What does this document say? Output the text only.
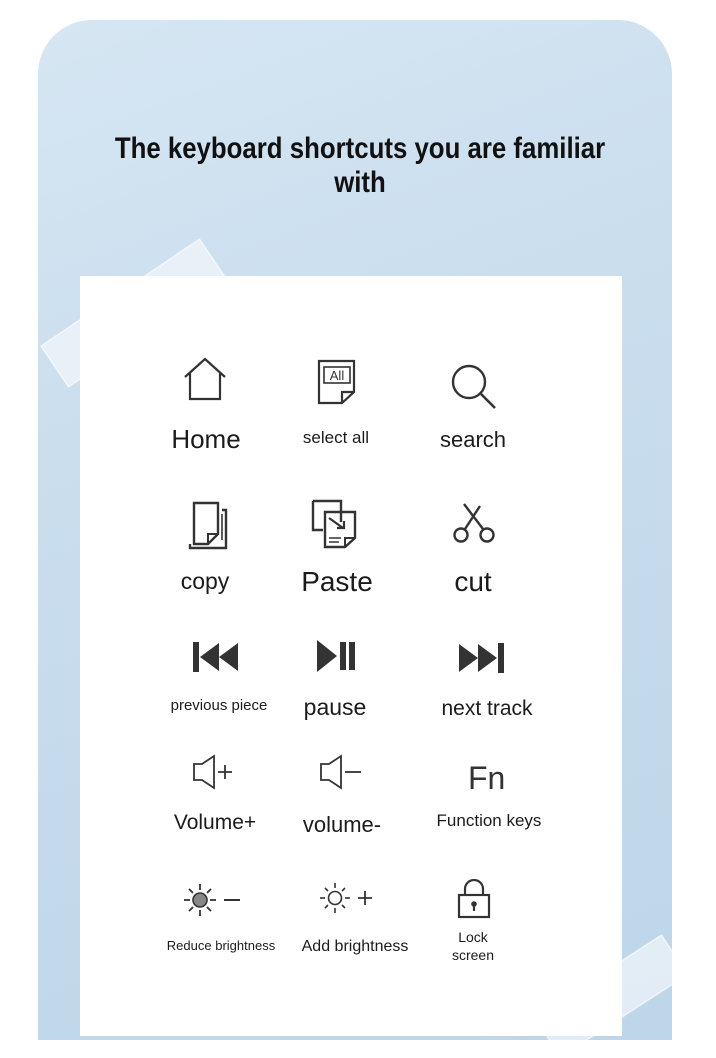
The keyboard shortcuts you are familiar with
Home
All
select all	search
copy	Paste	cut
previous piece	pause	next track
Volume+	volume-
Fn
Function keys
Reduce brightness	Add brightness
Lock
screen
